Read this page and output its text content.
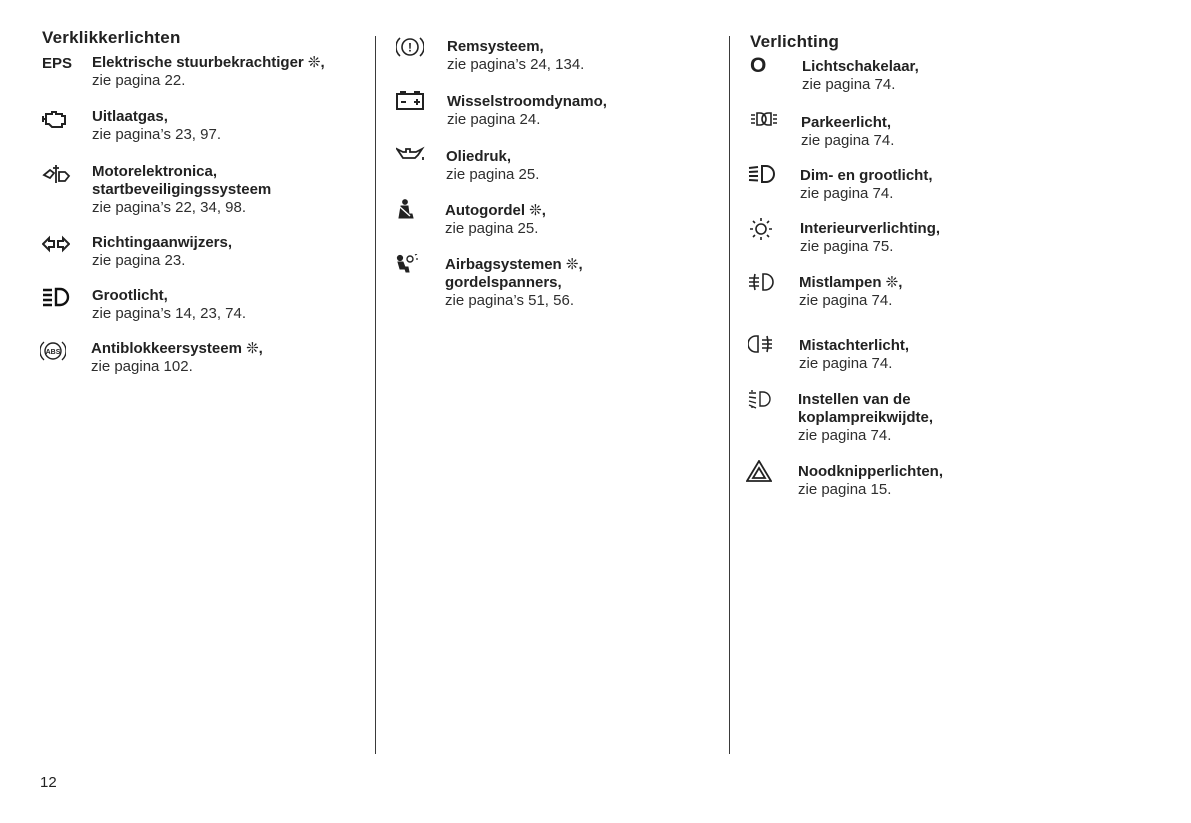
Verklikkerlichten
EPS Elektrische stuurbekrachtiger ❊,
zie pagina 22.
Uitlaatgas,
zie pagina’s 23, 97.
Motorelektronica,
startbeveiligingssysteem
zie pagina’s 22, 34, 98.
Richtingaanwijzers,
zie pagina 23.
Grootlicht,
zie pagina’s 14, 23, 74.
ABS Antiblokkeersysteem ❊,
zie pagina 102.
! Remsysteem,
zie pagina’s 24, 134.
Wisselstroomdynamo,
zie pagina 24.
Oliedruk,
zie pagina 25.
Autogordel ❊,
zie pagina 25.
Airbagsystemen ❊,
gordelspanners,
zie pagina’s 51, 56.
Verlichting
O Lichtschakelaar,
zie pagina 74.
Parkeerlicht,
zie pagina 74.
Dim- en grootlicht,
zie pagina 74.
Interieurverlichting,
zie pagina 75.
Mistlampen ❊,
zie pagina 74.
Mistachterlicht,
zie pagina 74.
Instellen van de
koplampreikwijdte,
zie pagina 74.
Noodknipperlichten,
zie pagina 15.
12
